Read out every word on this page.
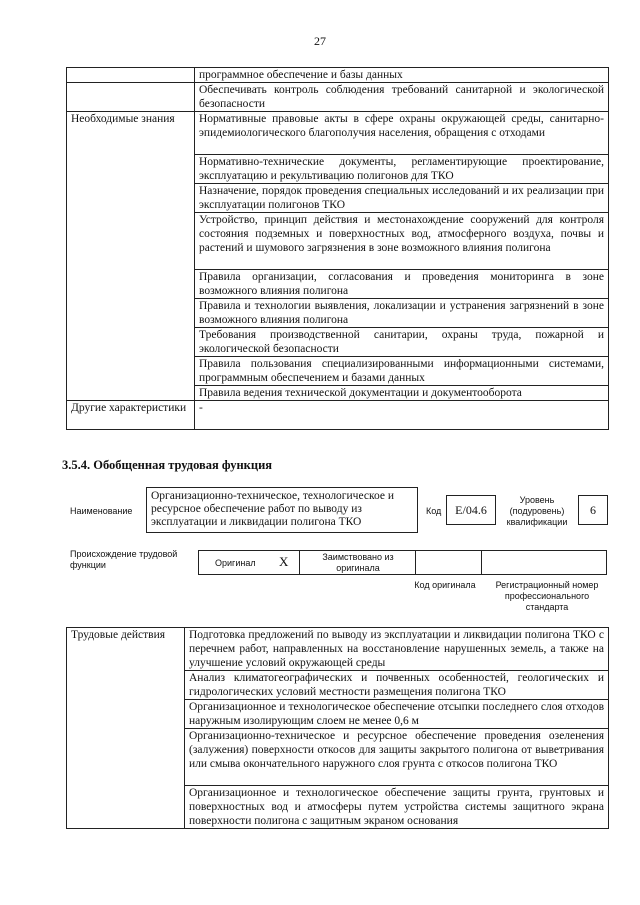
27
	программное обеспечение и базы данных
	Обеспечивать контроль соблюдения требований санитарной и экологической безопасности
Необходимые знания	Нормативные правовые акты в сфере охраны окружающей среды, санитарно-эпидемиологического благополучия населения, обращения с отходами
	Нормативно-технические документы, регламентирующие проектирование, эксплуатацию и рекультивацию полигонов для ТКО
	Назначение, порядок проведения специальных исследований и их реализации при эксплуатации полигонов ТКО
	Устройство, принцип действия и местонахождение сооружений для контроля состояния подземных и поверхностных вод, атмосферного воздуха, почвы и растений и шумового загрязнения в зоне возможного влияния полигона
	Правила организации, согласования и проведения мониторинга в зоне возможного влияния полигона
	Правила и технологии выявления, локализации и устранения загрязнений в зоне возможного влияния полигона
	Требования производственной санитарии, охраны труда, пожарной и экологической безопасности
	Правила пользования специализированными информационными системами, программным обеспечением и базами данных
	Правила ведения технической документации и документооборота
Другие характеристики	-
3.5.4. Обобщенная трудовая функция
Наименование
Организационно-техническое, технологическое и ресурсное обеспечение работ по выводу из эксплуатации и ликвидации полигона ТКО
Код	Е/04.6
Уровень (подуровень) квалификации
6
Происхождение трудовой функции	Оригинал X	Заимствовано из оригинала
Код оригинала	Регистрационный номер профессионального стандарта
Трудовые действия	Подготовка предложений по выводу из эксплуатации и ликвидации полигона ТКО с перечнем работ, направленных на восстановление нарушенных земель, а также на улучшение условий окружающей среды
Анализ климатогеографических и почвенных особенностей, геологических и гидрологических условий местности размещения полигона ТКО
Организационное и технологическое обеспечение отсыпки последнего слоя отходов наружным изолирующим слоем не менее 0,6 м
Организационно-техническое и ресурсное обеспечение проведения озеленения (залужения) поверхности откосов для защиты закрытого полигона от выветривания или смыва окончательного наружного слоя грунта с откосов полигона ТКО
Организационное и технологическое обеспечение защиты грунта, грунтовых и поверхностных вод и атмосферы путем устройства системы защитного экрана поверхности полигона с защитным экраном основания
